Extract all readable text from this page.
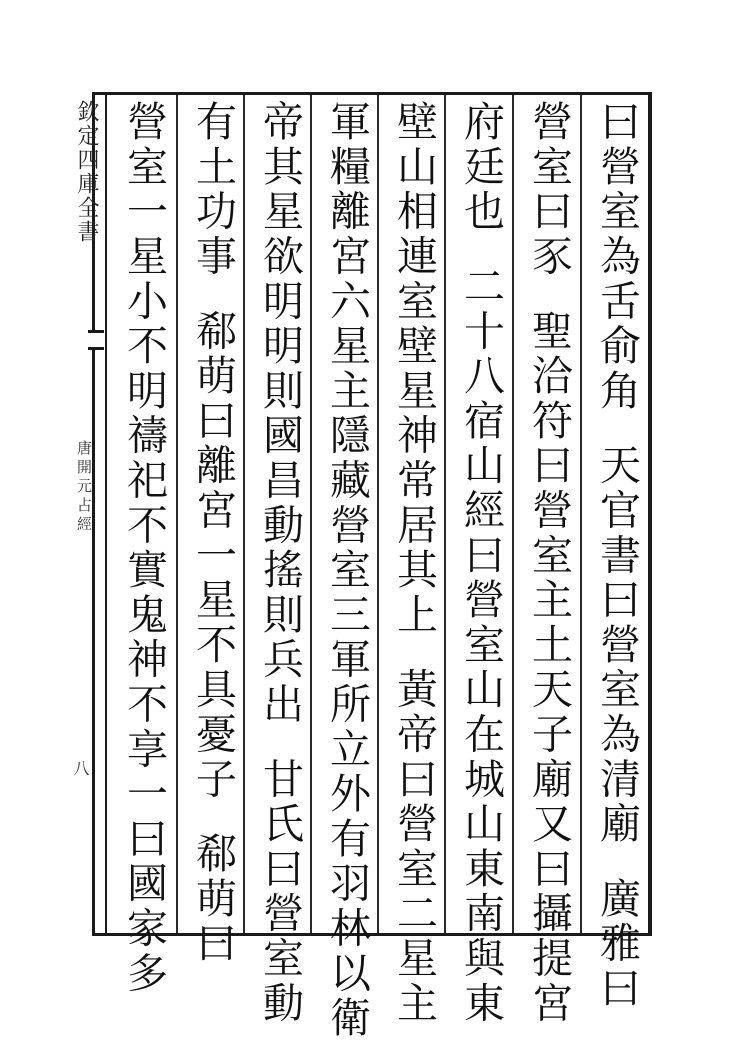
欽定四庫全書
唐開元占經
八
曰營室為舌俞角天官書曰營室為清廟廣雅曰
營室曰豕聖洽符曰營室主土天子廟又曰攝提宮
府廷也二十八宿山經曰營室山在城山東南與東
壁山相連室壁星神常居其上黃帝曰營室二星主
軍糧離宮六星主隱藏營室三軍所立外有羽林以衛
帝其星欲明明則國昌動搖則兵出甘氏曰營室動
有土功事郗萌曰離宮一星不具憂子郗萌曰
營室一星小不明禱祀不實鬼神不享一曰國家多
